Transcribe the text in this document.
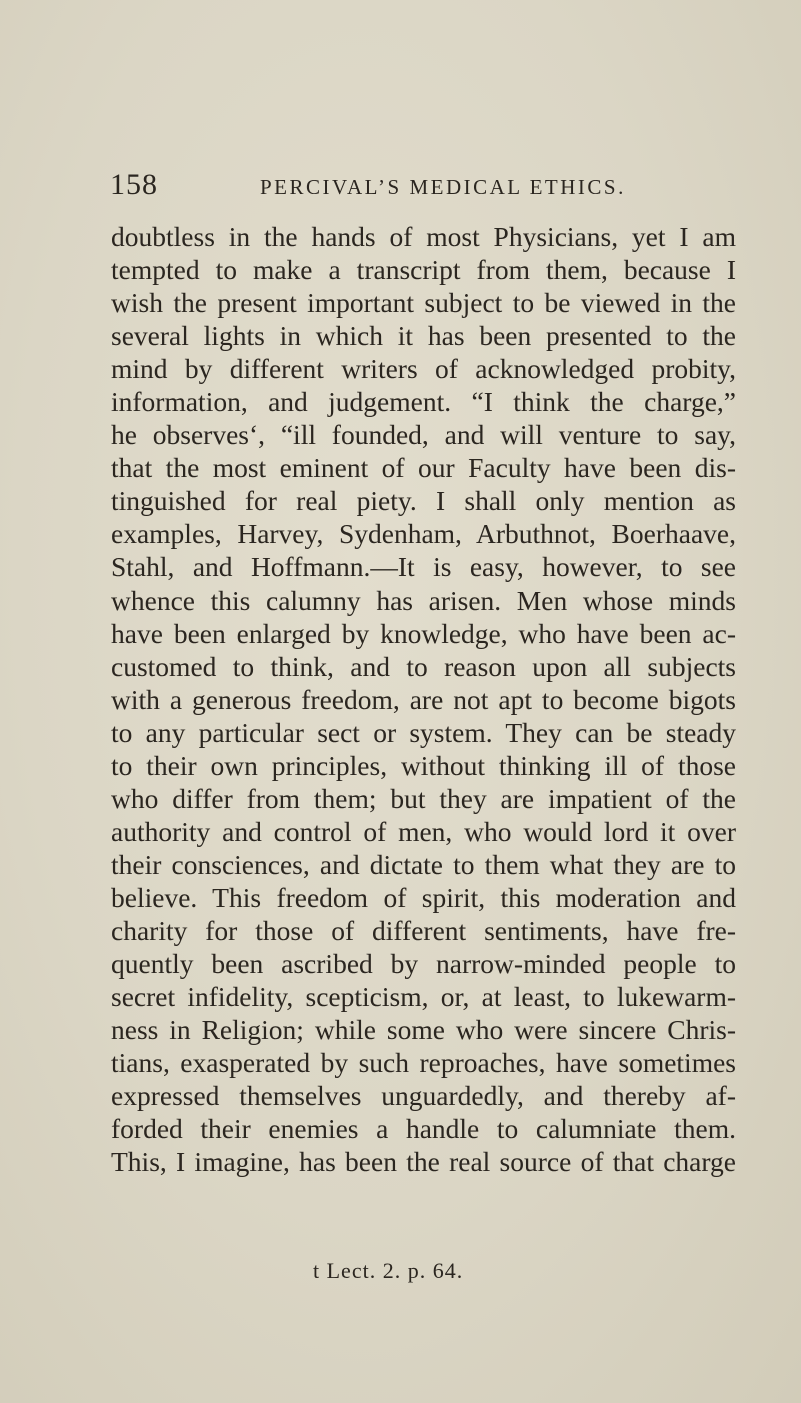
158	PERCIVAL’S MEDICAL ETHICS.
doubtless in the hands of most Physicians, yet I am
tempted to make a transcript from them, because I
wish the present important subject to be viewed in the
several lights in which it has been presented to the
mind by different writers of acknowledged probity,
information, and judgement. “I think the charge,”
he observes‘, “ill founded, and will venture to say,
that the most eminent of our Faculty have been dis-
tinguished for real piety. I shall only mention as
examples, Harvey, Sydenham, Arbuthnot, Boerhaave,
Stahl, and Hoffmann.—It is easy, however, to see
whence this calumny has arisen. Men whose minds
have been enlarged by knowledge, who have been ac-
customed to think, and to reason upon all subjects
with a generous freedom, are not apt to become bigots
to any particular sect or system. They can be steady
to their own principles, without thinking ill of those
who differ from them; but they are impatient of the
authority and control of men, who would lord it over
their consciences, and dictate to them what they are to
believe. This freedom of spirit, this moderation and
charity for those of different sentiments, have fre-
quently been ascribed by narrow-minded people to
secret infidelity, scepticism, or, at least, to lukewarm-
ness in Religion; while some who were sincere Chris-
tians, exasperated by such reproaches, have sometimes
expressed themselves unguardedly, and thereby af-
forded their enemies a handle to calumniate them.
This, I imagine, has been the real source of that charge
t Lect. 2. p. 64.
